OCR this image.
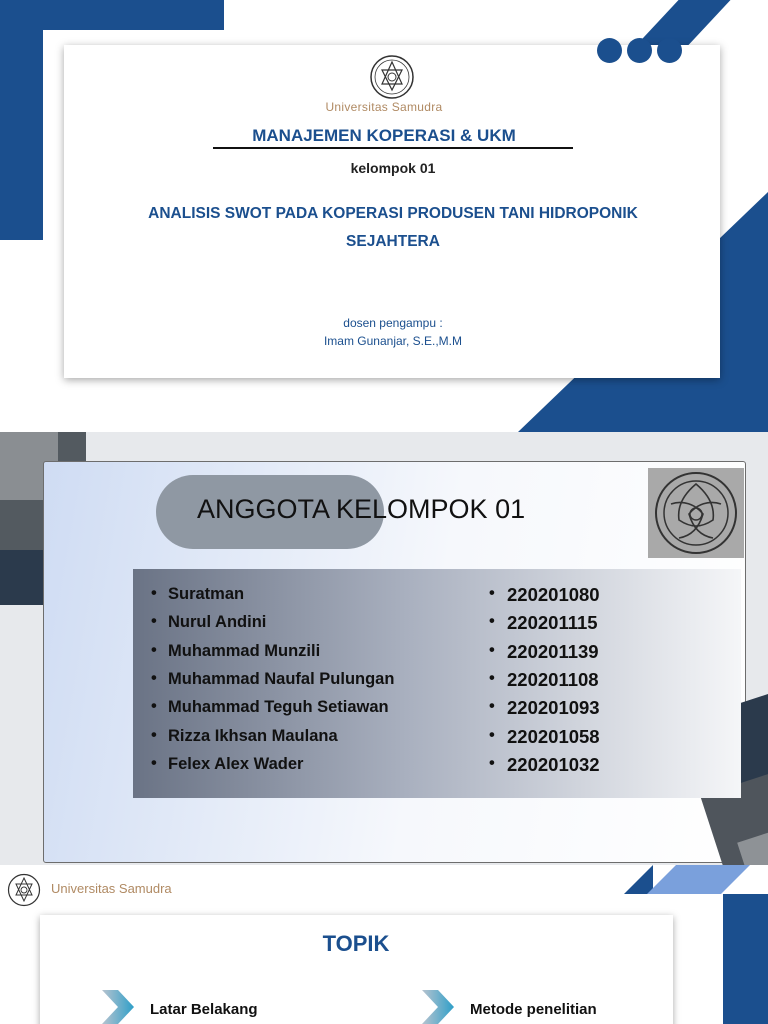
Universitas Samudra
MANAJEMEN KOPERASI & UKM
kelompok 01
ANALISIS SWOT PADA KOPERASI PRODUSEN TANI HIDROPONIK
SEJAHTERA
dosen pengampu :
Imam Gunanjar, S.E.,M.M
ANGGOTA KELOMPOK 01
• Suratman	• 220201080
• Nurul Andini	• 220201115
• Muhammad Munzili	• 220201139
• Muhammad Naufal Pulungan	• 220201108
• Muhammad Teguh Setiawan	• 220201093
• Rizza Ikhsan Maulana	• 220201058
• Felex Alex Wader	• 220201032
Universitas Samudra
TOPIK
Latar Belakang	Metode penelitian
